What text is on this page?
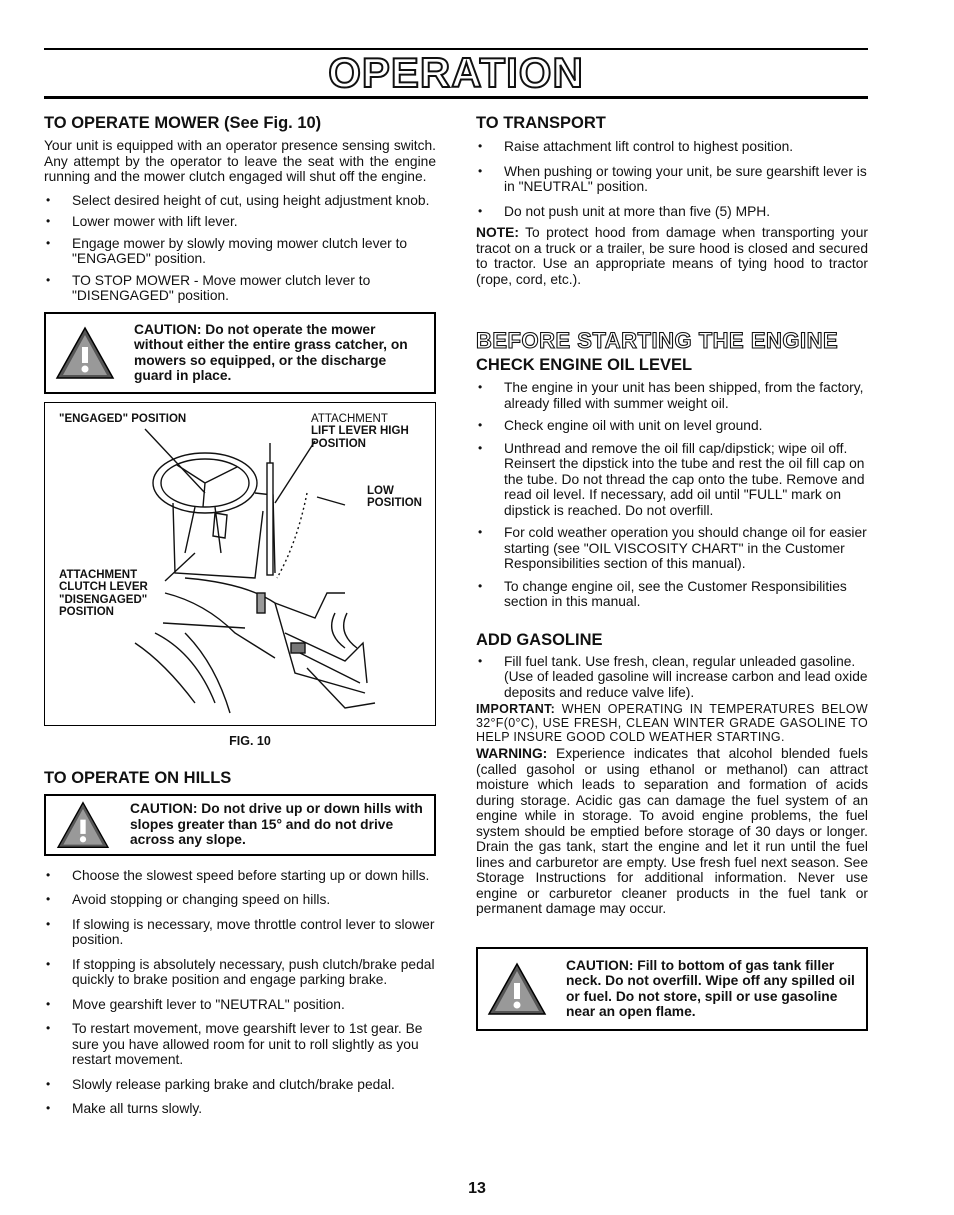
OPERATION
TO OPERATE MOWER (See Fig. 10)

Your unit is equipped with an operator presence sensing switch. Any attempt by the operator to leave the seat with the engine running and the mower clutch engaged will shut off the engine.

• Select desired height of cut, using height adjustment knob.
• Lower mower with lift lever.
• Engage mower by slowly moving mower clutch lever to "ENGAGED" position.
• TO STOP MOWER - Move mower clutch lever to "DISENGAGED" position.
CAUTION: Do not operate the mower without either the entire grass catcher, on mowers so equipped, or the discharge guard in place.
"ENGAGED" POSITION	ATTACHMENT
LIFT LEVER HIGH
POSITION
LOW
POSITION
ATTACHMENT
CLUTCH LEVER
"DISENGAGED"
POSITION
FIG. 10
TO OPERATE ON HILLS
CAUTION: Do not drive up or down hills with slopes greater than 15° and do not drive across any slope.
• Choose the slowest speed before starting up or down hills.
• Avoid stopping or changing speed on hills.
• If slowing is necessary, move throttle control lever to slower position.
• If stopping is absolutely necessary, push clutch/brake pedal quickly to brake position and engage parking brake.
• Move gearshift lever to "NEUTRAL" position.
• To restart movement, move gearshift lever to 1st gear. Be sure you have allowed room for unit to roll slightly as you restart movement.
• Slowly release parking brake and clutch/brake pedal.
• Make all turns slowly.
TO TRANSPORT
• Raise attachment lift control to highest position.
• When pushing or towing your unit, be sure gearshift lever is in "NEUTRAL" position.
• Do not push unit at more than five (5) MPH.

NOTE: To protect hood from damage when transporting your tracot on a truck or a trailer, be sure hood is closed and secured to tractor. Use an appropriate means of tying hood to tractor (rope, cord, etc.).

BEFORE STARTING THE ENGINE
CHECK ENGINE OIL LEVEL
• The engine in your unit has been shipped, from the factory, already filled with summer weight oil.
• Check engine oil with unit on level ground.
• Unthread and remove the oil fill cap/dipstick; wipe oil off. Reinsert the dipstick into the tube and rest the oil fill cap on the tube. Do not thread the cap onto the tube. Remove and read oil level. If necessary, add oil until "FULL" mark on dipstick is reached. Do not overfill.
• For cold weather operation you should change oil for easier starting (see "OIL VISCOSITY CHART" in the Customer Responsibilities section of this manual).
• To change engine oil, see the Customer Responsibilities section in this manual.
ADD GASOLINE
• Fill fuel tank. Use fresh, clean, regular unleaded gasoline. (Use of leaded gasoline will increase carbon and lead oxide deposits and reduce valve life).

IMPORTANT: WHEN OPERATING IN TEMPERATURES BELOW 32°F(0°C), USE FRESH, CLEAN WINTER GRADE GASOLINE TO HELP INSURE GOOD COLD WEATHER STARTING.

WARNING: Experience indicates that alcohol blended fuels (called gasohol or using ethanol or methanol) can attract moisture which leads to separation and formation of acids during storage. Acidic gas can damage the fuel system of an engine while in storage. To avoid engine problems, the fuel system should be emptied before storage of 30 days or longer. Drain the gas tank, start the engine and let it run until the fuel lines and carburetor are empty. Use fresh fuel next season. See Storage Instructions for additional information. Never use engine or carburetor cleaner products in the fuel tank or permanent damage may occur.

CAUTION: Fill to bottom of gas tank filler neck. Do not overfill. Wipe off any spilled oil or fuel. Do not store, spill or use gasoline near an open flame.
13
